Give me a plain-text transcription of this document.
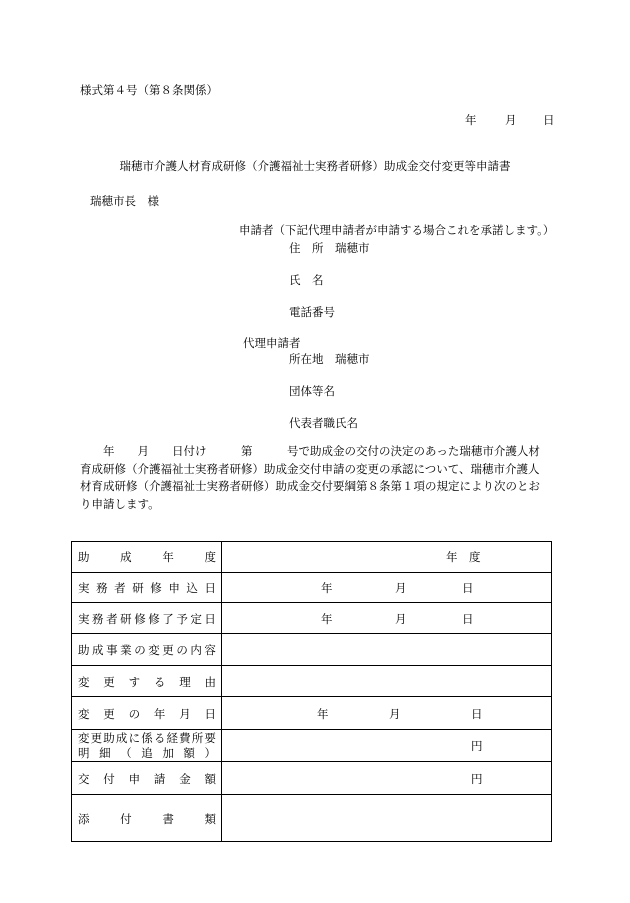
様式第４号（第８条関係）
年 月 日
瑞穂市介護人材育成研修（介護福祉士実務者研修）助成金交付変更等申請書
瑞穂市長　様
申請者（下記代理申請者が申請する場合これを承諾します。）
住　所　瑞穂市
氏　名
電話番号
代理申請者
所在地　瑞穂市
団体等名
代表者職氏名

　　年　　月　　日付け　　　第　　　号で助成金の交付の決定のあった瑞穂市介護人材

育成研修（介護福祉士実務者研修）助成金交付申請の変更の承認について、瑞穂市介護人

材育成研修（介護福祉士実務者研修）助成金交付要綱第８条第１項の規定により次のとお

り申請します。

助	成	年	度	年　度
実 務 者 研 修 申 込 日	年	月	日
実 務 者 研 修 修 了 予 定 日	年	月	日
助 成 事 業 の 変 更 の 内 容
変 更 す る 理 由
変 更 の 年 月 日	年	月	日
変 更 助 成 に 係 る 経 費 所 要
明 細 （ 追 加 額 ）	円
交 付 申 請 金 額	円
添	付	書	類
